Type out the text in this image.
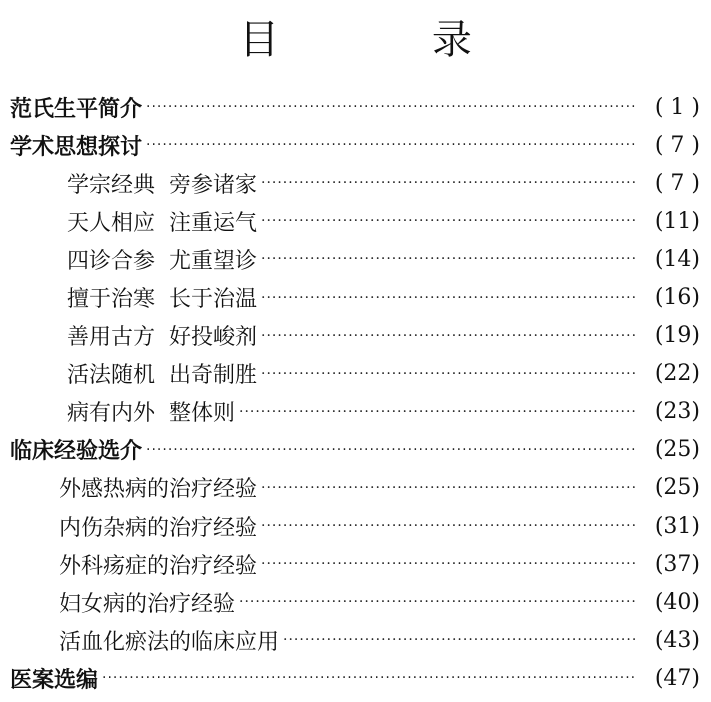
目 录
范氏生平简介 ·····	( 1 )
学术思想探讨 ·····	( 7 )
学宗经典  旁参诸家 ·····	( 7 )
天人相应  注重运气 ·····	(11)
四诊合参  尤重望诊 ·····	(14)
擅于治寒  长于治温 ·····	(16)
善用古方  好投峻剂 ·····	(19)
活法随机  出奇制胜 ·····	(22)
病有内外  整体则 ·····	(23)
临床经验选介 ·····	(25)
外感热病的治疗经验 ·····	(25)
内伤杂病的治疗经验 ·····	(31)
外科疡症的治疗经验 ·····	(37)
妇女病的治疗经验 ·····	(40)
活血化瘀法的临床应用 ·····	(43)
医案选编 ·····	(47)
